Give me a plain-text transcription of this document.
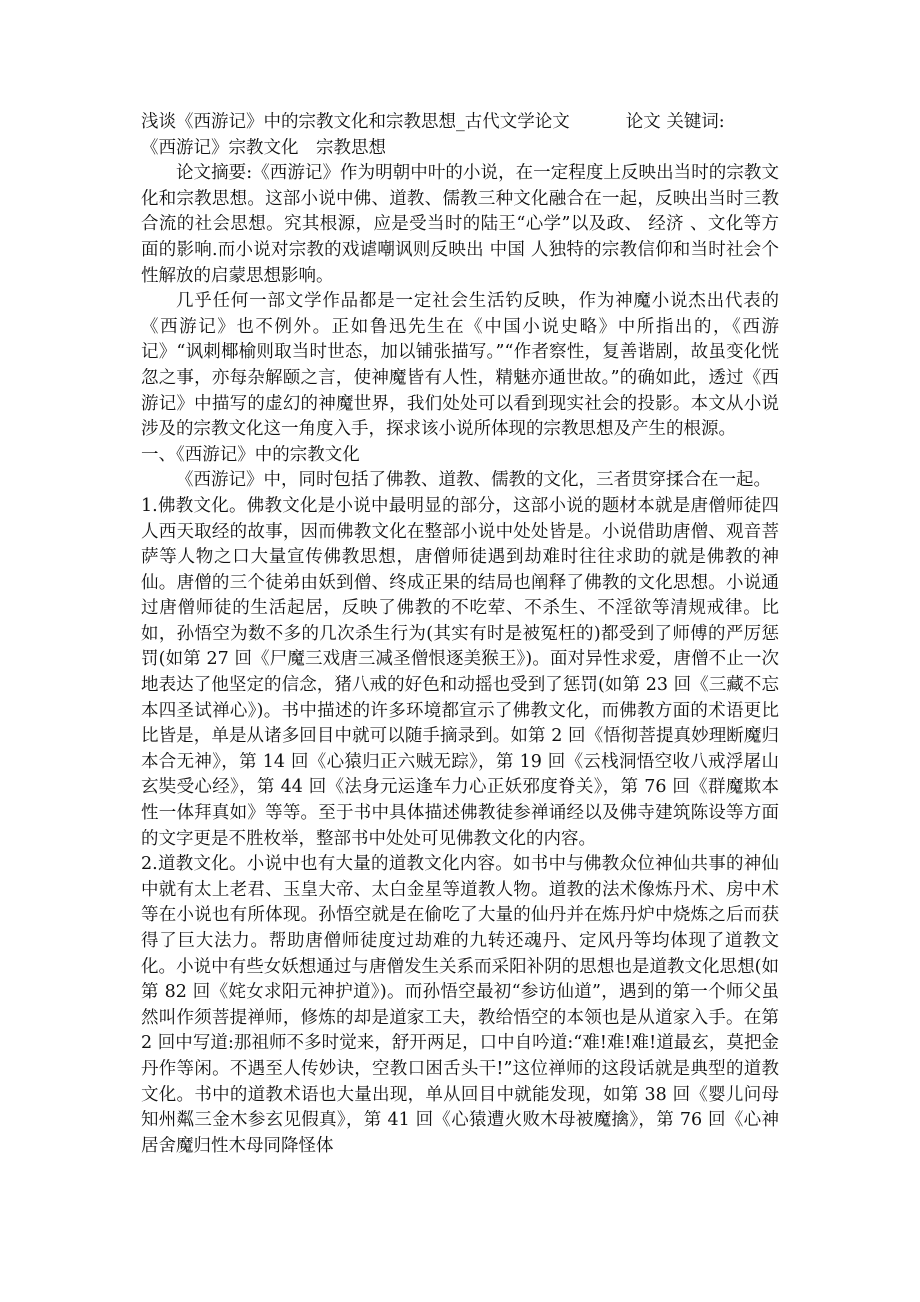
浅谈《西游记》中的宗教文化和宗教思想_古代文学论文	论文 关键词:

《西游记》宗教文化　宗教思想

论文摘要:《西游记》作为明朝中叶的小说，在一定程度上反映出当时的宗教文化和宗教思想。这部小说中佛、道教、儒教三种文化融合在一起，反映出当时三教合流的社会思想。究其根源，应是受当时的陆王“心学”以及政、 经济 、文化等方面的影响.而小说对宗教的戏谑嘲讽则反映出 中国 人独特的宗教信仰和当时社会个性解放的启蒙思想影响。

几乎任何一部文学作品都是一定社会生活钓反映，作为神魔小说杰出代表的《西游记》也不例外。正如鲁迅先生在《中国小说史略》中所指出的，《西游记》“讽刺椰榆则取当时世态，加以铺张描写。”“作者察性，复善谐剧，故虽变化恍忽之事，亦每杂解颐之言，使神魔皆有人性，精魅亦通世故。”的确如此，透过《西游记》中描写的虚幻的神魔世界，我们处处可以看到现实社会的投影。本文从小说涉及的宗教文化这一角度入手，探求该小说所体现的宗教思想及产生的根源。

一、《西游记》中的宗教文化

《西游记》中，同时包括了佛教、道教、儒教的文化，三者贯穿揉合在一起。

1.佛教文化。佛教文化是小说中最明显的部分，这部小说的题材本就是唐僧师徒四人西天取经的故事，因而佛教文化在整部小说中处处皆是。小说借助唐僧、观音菩萨等人物之口大量宣传佛教思想，唐僧师徒遇到劫难时往往求助的就是佛教的神仙。唐僧的三个徒弟由妖到僧、终成正果的结局也阐释了佛教的文化思想。小说通过唐僧师徒的生活起居，反映了佛教的不吃荤、不杀生、不淫欲等清规戒律。比如，孙悟空为数不多的几次杀生行为(其实有时是被冤枉的)都受到了师傅的严厉惩罚(如第 27 回《尸魔三戏唐三减圣僧恨逐美猴王》)。面对异性求爱，唐僧不止一次地表达了他坚定的信念，猪八戒的好色和动摇也受到了惩罚(如第 23 回《三藏不忘本四圣试禅心》)。书中描述的许多环境都宣示了佛教文化，而佛教方面的术语更比比皆是，单是从诸多回目中就可以随手摘录到。如第 2 回《悟彻菩提真妙理断魔归本合无神》，第 14 回《心猿归正六贼无踪》，第 19 回《云栈洞悟空收八戒浮屠山玄奘受心经》，第 44 回《法身元运逢车力心正妖邪度脊关》，第 76 回《群魔欺本性一体拜真如》等等。至于书中具体描述佛教徒参禅诵经以及佛寺建筑陈设等方面的文字更是不胜枚举，整部书中处处可见佛教文化的内容。

2.道教文化。小说中也有大量的道教文化内容。如书中与佛教众位神仙共事的神仙中就有太上老君、玉皇大帝、太白金星等道教人物。道教的法术像炼丹术、房中术等在小说也有所体现。孙悟空就是在偷吃了大量的仙丹并在炼丹炉中烧炼之后而获得了巨大法力。帮助唐僧师徒度过劫难的九转还魂丹、定风丹等均体现了道教文化。小说中有些女妖想通过与唐僧发生关系而采阳补阴的思想也是道教文化思想(如第 82 回《姹女求阳元神护道》)。而孙悟空最初“参访仙道”，遇到的第一个师父虽然叫作须菩提禅师，修炼的却是道家工夫，教给悟空的本领也是从道家入手。在第 2 回中写道:那祖师不多时觉来，舒开两足，口中自吟道:“难!难!难!道最玄，莫把金丹作等闲。不遇至人传妙诀，空教口困舌头干!”这位禅师的这段话就是典型的道教文化。书中的道教术语也大量出现，单从回目中就能发现，如第 38 回《婴儿问母知州粼三金木参玄见假真》，第 41 回《心猿遭火败木母被魔擒》，第 76 回《心神居舍魔归性木母同降怪体
